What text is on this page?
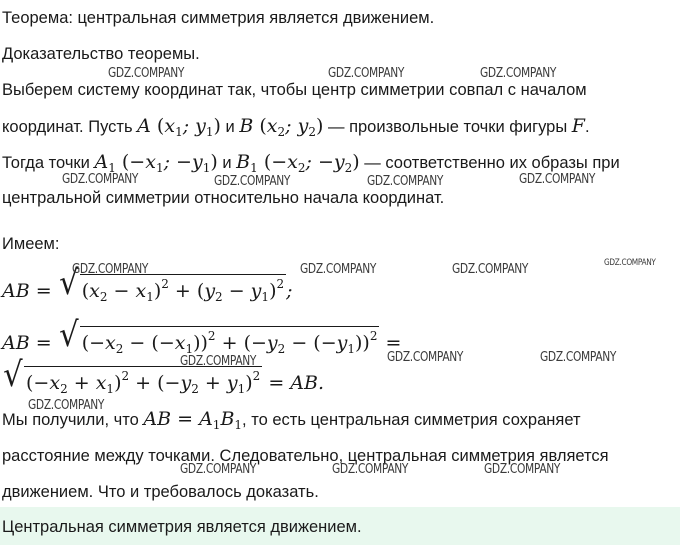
Теорема: центральная симметрия является движением.
Доказательство теоремы.
Выберем систему координат так, чтобы центр симметрии совпал с началом
координат. Пусть A ($x_1$; $y_1$) и B ($x_2$; $y_2$) — произвольные точки фигуры F.
Тогда точки $A_1$ ($-x_1$; $-y_1$) и $B_1$ ($-x_2$; $-y_2$) — соответственно их образы при
центральной симметрии относительно начала координат.
Имеем:
AB = √ $(x_2 - x_1)^2 + (y_2 - y_1)^2$ ;
AB = √ $(-x_2 - (-x_1))^2 + (-y_2 - (-y_1))^2$ =
√ $(-x_2 + x_1)^2 + (-y_2 + y_1)^2$ = AB.
Мы получили, что AB = $A_1B_1$, то есть центральная симметрия сохраняет
расстояние между точками. Следовательно, центральная симметрия является
движением. Что и требовалось доказать.
Центральная симметрия является движением.
GDZ.COMPANY	GDZ.COMPANY	GDZ.COMPANY
GDZ.COMPANY	GDZ.COMPANY	GDZ.COMPANY	GDZ.COMPANY
GDZ.COMPANY	GDZ.COMPANY	GDZ.COMPANY	GDZ.COMPANY
GDZ.COMPANY	GDZ.COMPANY	GDZ.COMPANY
GDZ.COMPANY
GDZ.COMPANY	GDZ.COMPANY	GDZ.COMPANY
